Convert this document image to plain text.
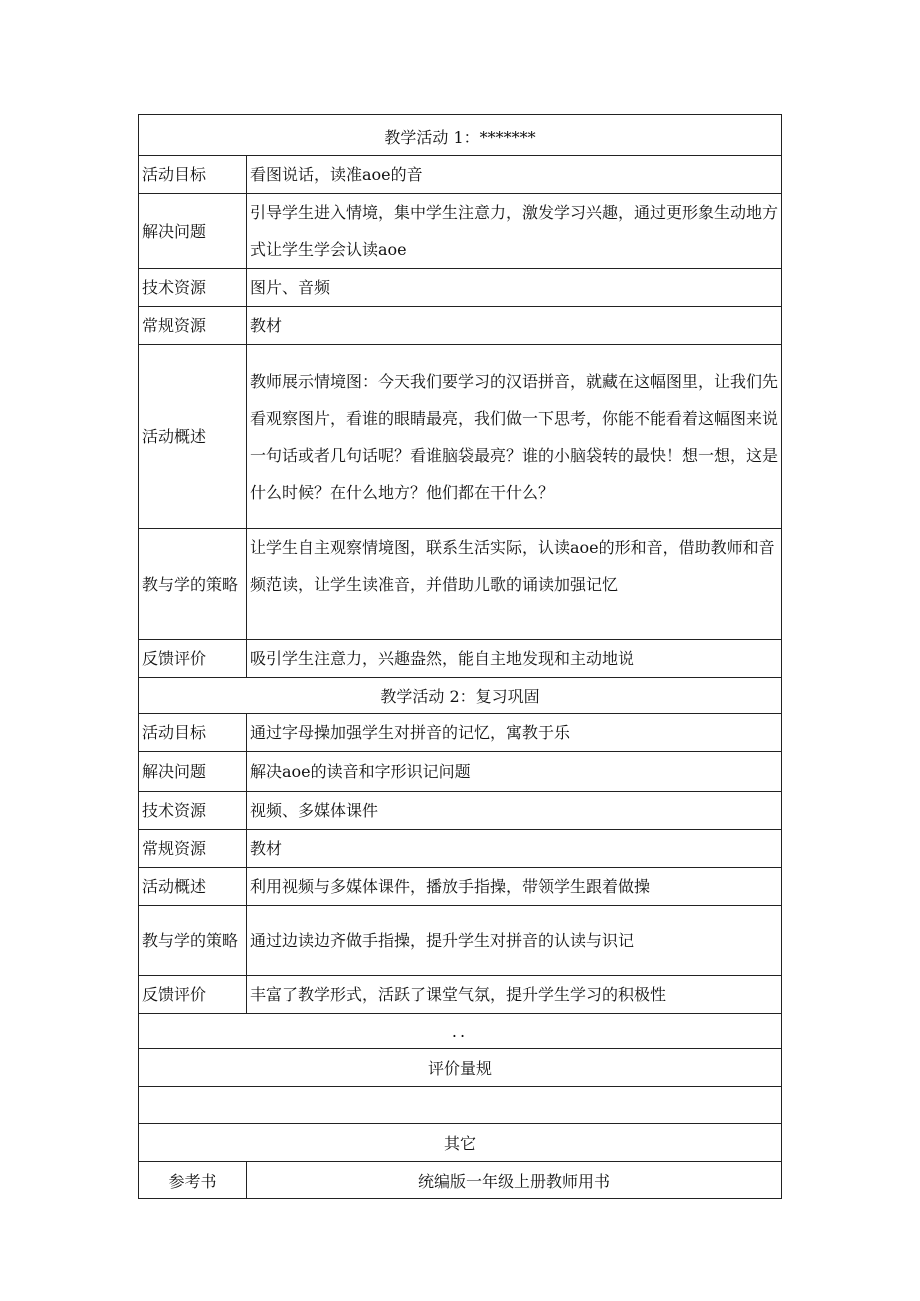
教学活动 1：*******	
活动目标	看图说话，读准aoe的音
解决问题	引导学生进入情境，集中学生注意力，激发学习兴趣，通过更形象生动地方式让学生学会认读aoe
技术资源	图片、音频
常规资源	教材
活动概述	教师展示情境图：今天我们要学习的汉语拼音，就藏在这幅图里，让我们先看观察图片，看谁的眼睛最亮，我们做一下思考，你能不能看着这幅图来说一句话或者几句话呢？看谁脑袋最亮？谁的小脑袋转的最快！想一想，这是什么时候？在什么地方？他们都在干什么？
教与学的策略	让学生自主观察情境图，联系生活实际，认读aoe的形和音，借助教师和音频范读，让学生读准音，并借助儿歌的诵读加强记忆
反馈评价	吸引学生注意力，兴趣盎然，能自主地发现和主动地说
教学活动 2：复习巩固	
活动目标	通过字母操加强学生对拼音的记忆，寓教于乐
解决问题	解决aoe的读音和字形识记问题
技术资源	视频、多媒体课件
常规资源	教材
活动概述	利用视频与多媒体课件，播放手指操，带领学生跟着做操
教与学的策略	通过边读边齐做手指操，提升学生对拼音的认读与识记
反馈评价	丰富了教学形式，活跃了课堂气氛，提升学生学习的积极性
..	
评价量规	

其它	
参考书	统编版一年级上册教师用书
